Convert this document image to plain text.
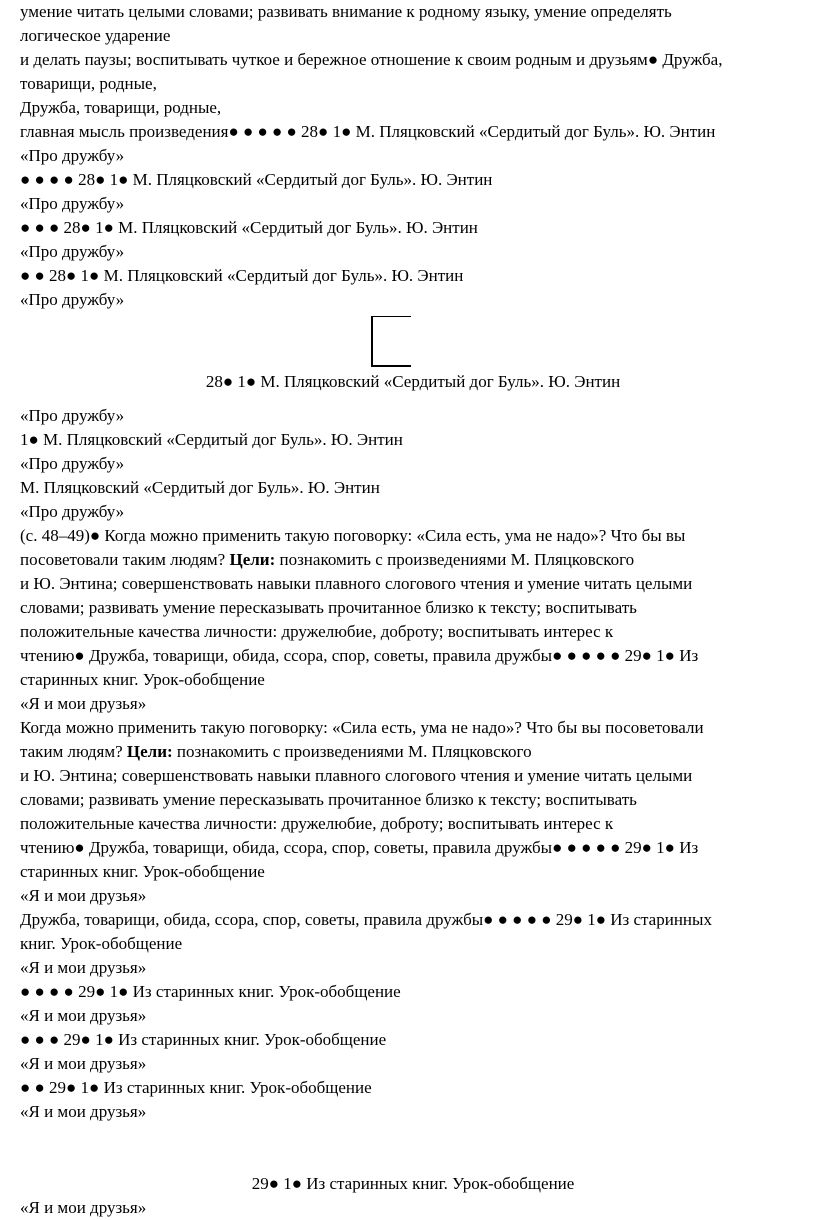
умение читать целыми словами; развивать внимание к родному языку, умение определять
логическое ударение
и делать паузы; воспитывать чуткое и бережное отношение к своим родным и друзьям● Дружба,
товарищи, родные,
Дружба, товарищи, родные,
главная мысль произведения● ● ● ● ● 28● 1● М. Пляцковский «Сердитый дог Буль». Ю. Энтин
«Про дружбу»
● ● ● ● 28● 1● М. Пляцковский «Сердитый дог Буль». Ю. Энтин
«Про дружбу»
● ● ● 28● 1● М. Пляцковский «Сердитый дог Буль». Ю. Энтин
«Про дружбу»
● ● 28● 1● М. Пляцковский «Сердитый дог Буль». Ю. Энтин
«Про дружбу»
28● 1● М. Пляцковский «Сердитый дог Буль». Ю. Энтин
«Про дружбу»
1● М. Пляцковский «Сердитый дог Буль». Ю. Энтин
«Про дружбу»
М. Пляцковский «Сердитый дог Буль». Ю. Энтин
«Про дружбу»
(с. 48–49)● Когда можно применить такую поговорку: «Сила есть, ума не надо»? Что бы вы
посоветовали таким людям? Цели: познакомить с произведениями М. Пляцковского
и Ю. Энтина; совершенствовать навыки плавного слогового чтения и умение читать целыми
словами; развивать умение пересказывать прочитанное близко к тексту; воспитывать
положительные качества личности: дружелюбие, доброту; воспитывать интерес к
чтению● Дружба, товарищи, обида, ссора, спор, советы, правила дружбы● ● ● ● ● 29● 1● Из
старинных книг. Урок-обобщение
«Я и мои друзья»
Когда можно применить такую поговорку: «Сила есть, ума не надо»? Что бы вы посоветовали
таким людям? Цели: познакомить с произведениями М. Пляцковского
и Ю. Энтина; совершенствовать навыки плавного слогового чтения и умение читать целыми
словами; развивать умение пересказывать прочитанное близко к тексту; воспитывать
положительные качества личности: дружелюбие, доброту; воспитывать интерес к
чтению● Дружба, товарищи, обида, ссора, спор, советы, правила дружбы● ● ● ● ● 29● 1● Из
старинных книг. Урок-обобщение
«Я и мои друзья»
Дружба, товарищи, обида, ссора, спор, советы, правила дружбы● ● ● ● ● 29● 1● Из старинных
книг. Урок-обобщение
«Я и мои друзья»
● ● ● ● 29● 1● Из старинных книг. Урок-обобщение
«Я и мои друзья»
● ● ● 29● 1● Из старинных книг. Урок-обобщение
«Я и мои друзья»
● ● 29● 1● Из старинных книг. Урок-обобщение
«Я и мои друзья»
29● 1● Из старинных книг. Урок-обобщение
«Я и мои друзья»
